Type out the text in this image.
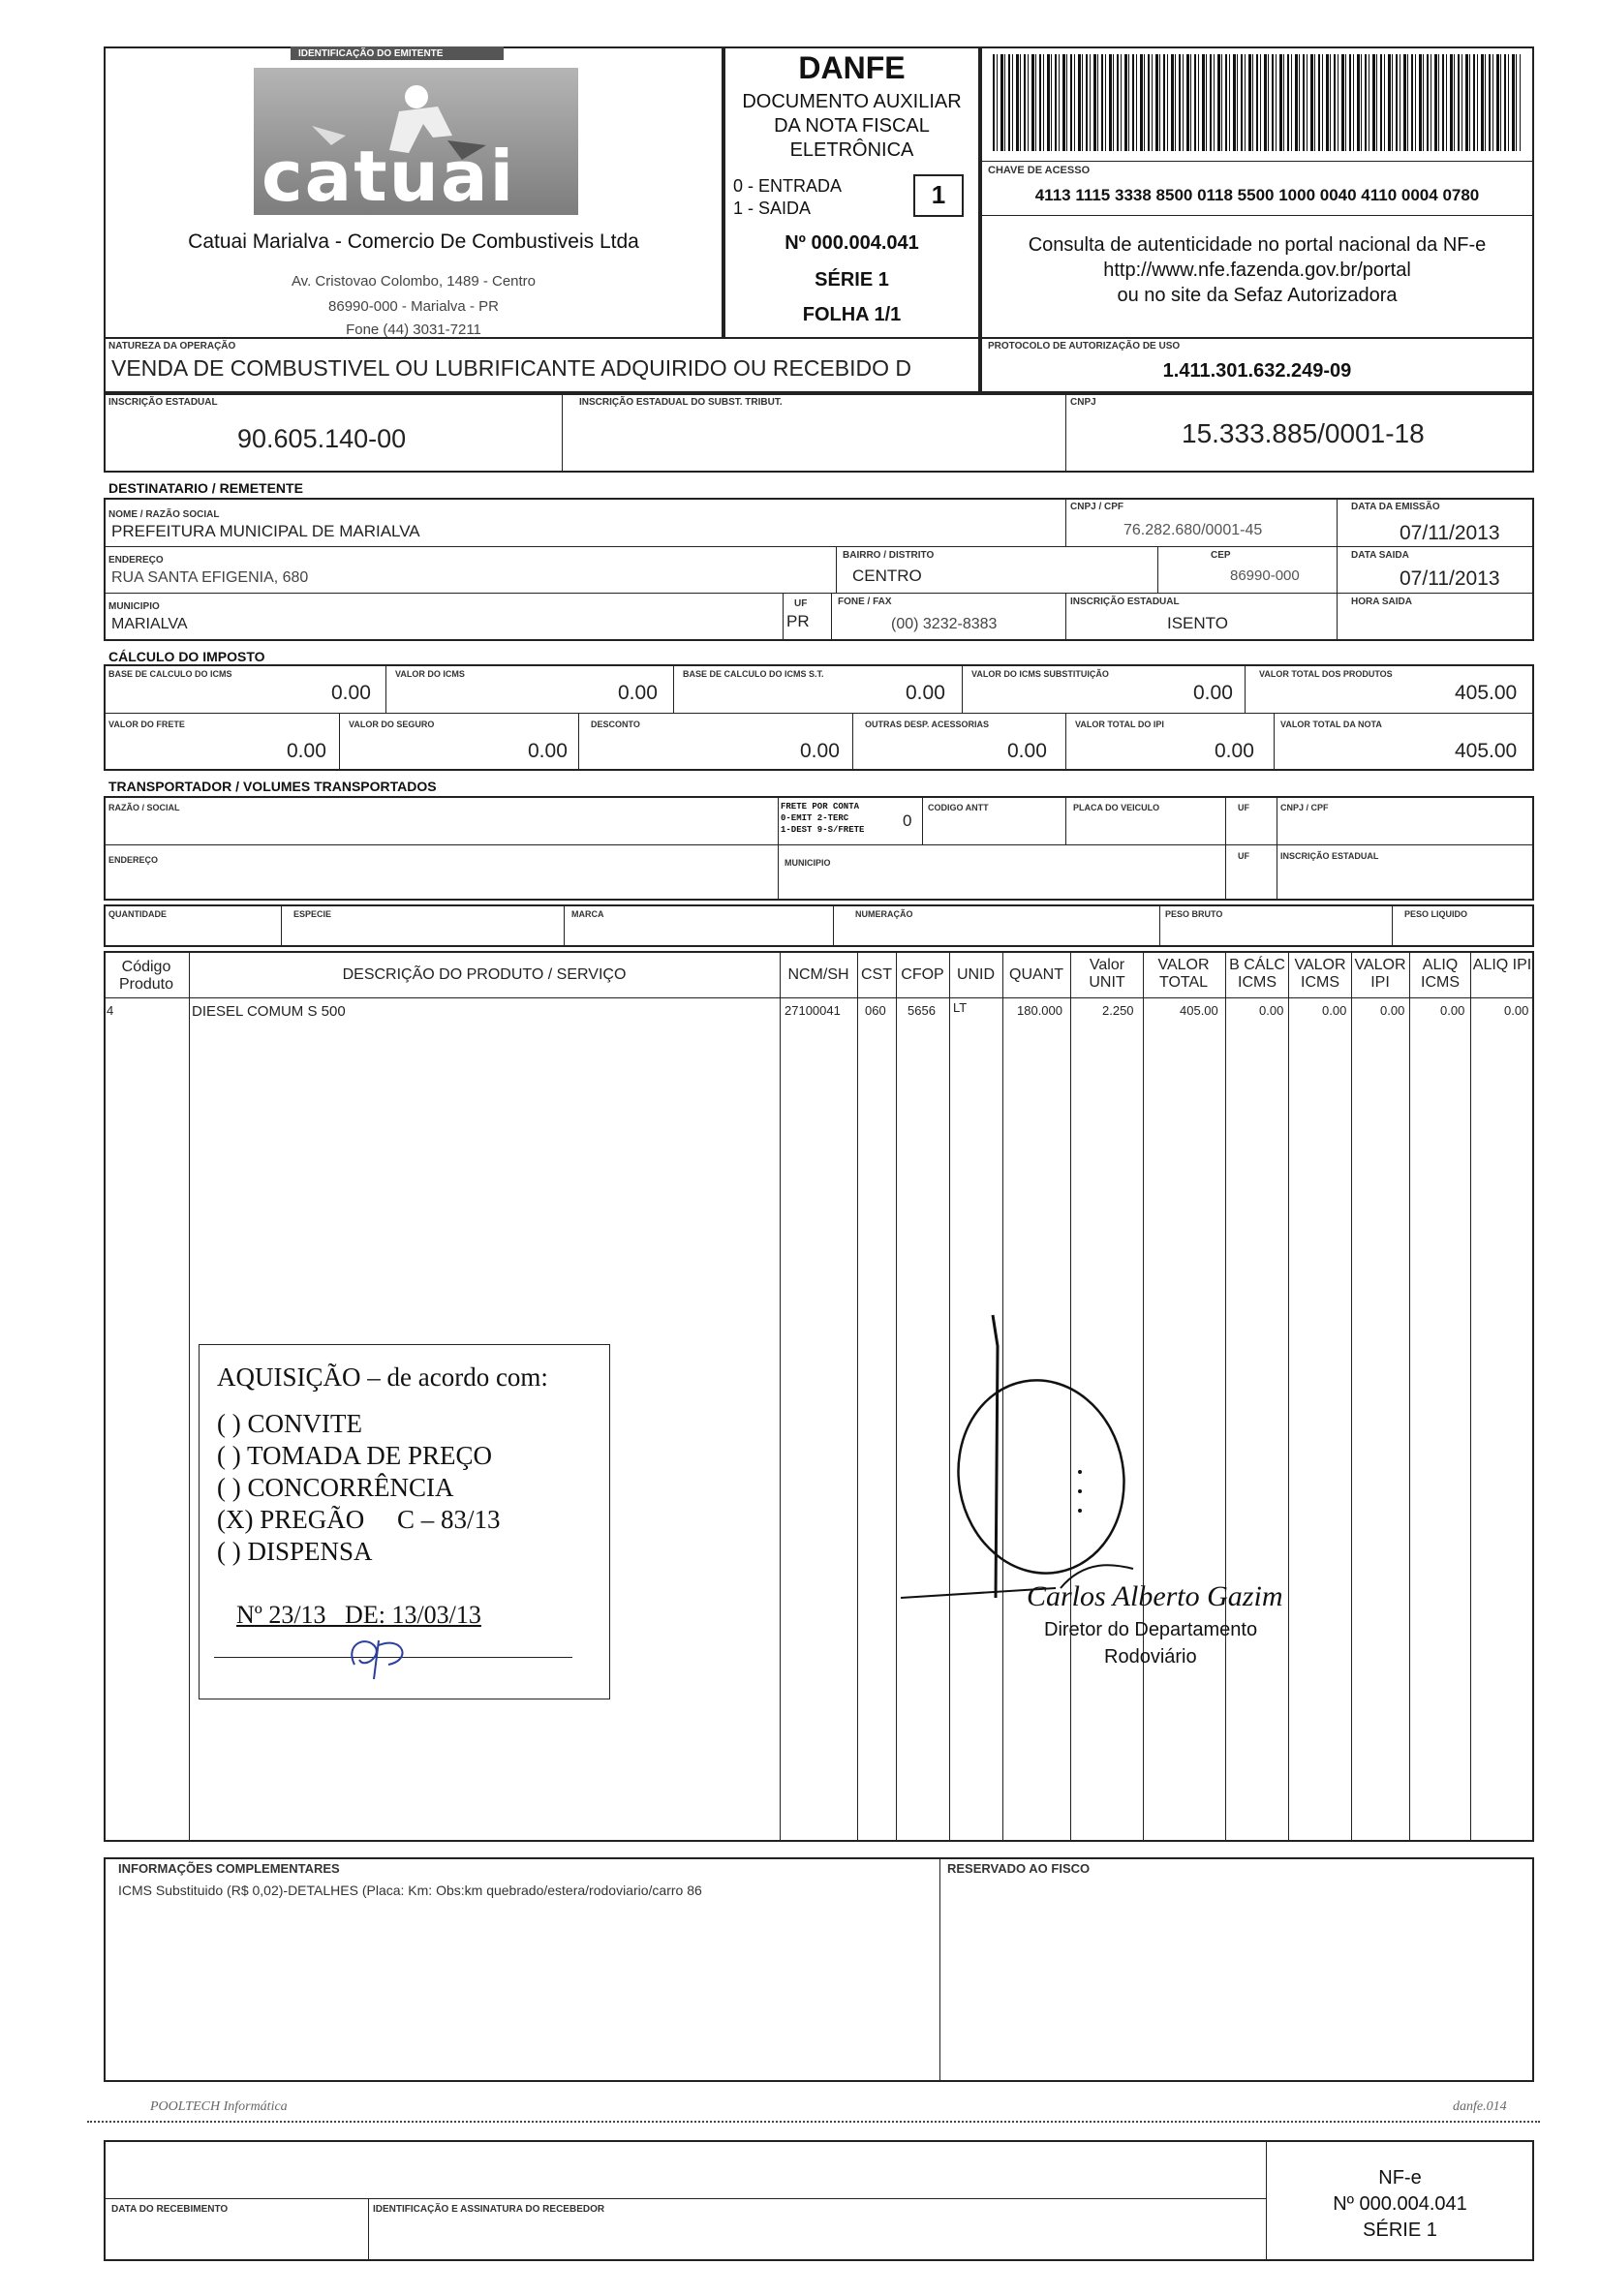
IDENTIFICAÇÃO DO EMITENTE
catuai
Catuai Marialva - Comercio De Combustiveis Ltda
Av. Cristovao Colombo, 1489 - Centro
86990-000 - Marialva - PR
Fone (44) 3031-7211
DANFE
DOCUMENTO AUXILIAR
DA NOTA FISCAL
ELETRÔNICA
0 - ENTRADA
1 - SAIDA	1
Nº 000.004.041
SÉRIE 1
FOLHA 1/1
CHAVE DE ACESSO
4113 1115 3338 8500 0118 5500 1000 0040 4110 0004 0780
Consulta de autenticidade no portal nacional da NF-e
http://www.nfe.fazenda.gov.br/portal
ou no site da Sefaz Autorizadora
NATUREZA DA OPERAÇÃO
VENDA DE COMBUSTIVEL OU LUBRIFICANTE ADQUIRIDO OU RECEBIDO D
PROTOCOLO DE AUTORIZAÇÃO DE USO
1.411.301.632.249-09
INSCRIÇÃO ESTADUAL
90.605.140-00
INSCRIÇÃO ESTADUAL DO SUBST. TRIBUT.	CNPJ
15.333.885/0001-18
DESTINATARIO / REMETENTE
NOME / RAZÃO SOCIAL
PREFEITURA MUNICIPAL DE MARIALVA
CNPJ / CPF
76.282.680/0001-45
DATA DA EMISSÃO
07/11/2013
ENDEREÇO
RUA SANTA EFIGENIA, 680
BAIRRO / DISTRITO
CENTRO
CEP
86990-000
DATA SAIDA
07/11/2013
MUNICIPIO
MARIALVA
UF
PR
FONE / FAX
(00) 3232-8383
INSCRIÇÃO ESTADUAL
ISENTO
HORA SAIDA
CÁLCULO DO IMPOSTO
BASE DE CALCULO DO ICMS
0.00
VALOR DO ICMS
0.00
BASE DE CALCULO DO ICMS S.T.
0.00
VALOR DO ICMS SUBSTITUIÇÃO
0.00
VALOR TOTAL DOS PRODUTOS
405.00
VALOR DO FRETE
0.00
VALOR DO SEGURO
0.00
DESCONTO
0.00
OUTRAS DESP. ACESSORIAS
0.00
VALOR TOTAL DO IPI
0.00
VALOR TOTAL DA NOTA
405.00
TRANSPORTADOR / VOLUMES TRANSPORTADOS
RAZÃO / SOCIAL	FRETE POR CONTA
0-EMIT 2-TERC
1-DEST 9-S/FRETE 0
CODIGO ANTT	PLACA DO VEICULO	UF	CNPJ / CPF
ENDEREÇO	MUNICIPIO
UF	INSCRIÇÃO ESTADUAL
QUANTIDADE	ESPECIE	MARCA	NUMERAÇÃO	PESO BRUTO	PESO LIQUIDO
Código Produto
DESCRIÇÃO DO PRODUTO / SERVIÇO	NCM/SH CST CFOP UNID QUANT
Valor UNIT
VALOR TOTAL
B CÁLC ICMS
VALOR ICMS
VALOR IPI
ALIQ ICMS
ALIQ IPI
4	DIESEL COMUM S 500	27100041 060 5656 LT	180.000	2.250	405.00	0.00	0.00	0.00	0.00	0.00
AQUISIÇÃO – de acordo com:
( ) CONVITE
( ) TOMADA DE PREÇO
( ) CONCORRÊNCIA
(X) PREGÃO     C – 83/13
( ) DISPENSA
Nº 23/13   DE: 13/03/13
Carlos Alberto Gazim
Diretor do Departamento
Rodoviário
INFORMAÇÕES COMPLEMENTARES
ICMS Substituido (R$ 0,02)-DETALHES (Placa: Km: Obs:km quebrado/estera/rodoviario/carro 86
RESERVADO AO FISCO
POOLTECH Informática	danfe.014
DATA DO RECEBIMENTO	IDENTIFICAÇÃO E ASSINATURA DO RECEBEDOR
NF-e
Nº 000.004.041
SÉRIE 1
